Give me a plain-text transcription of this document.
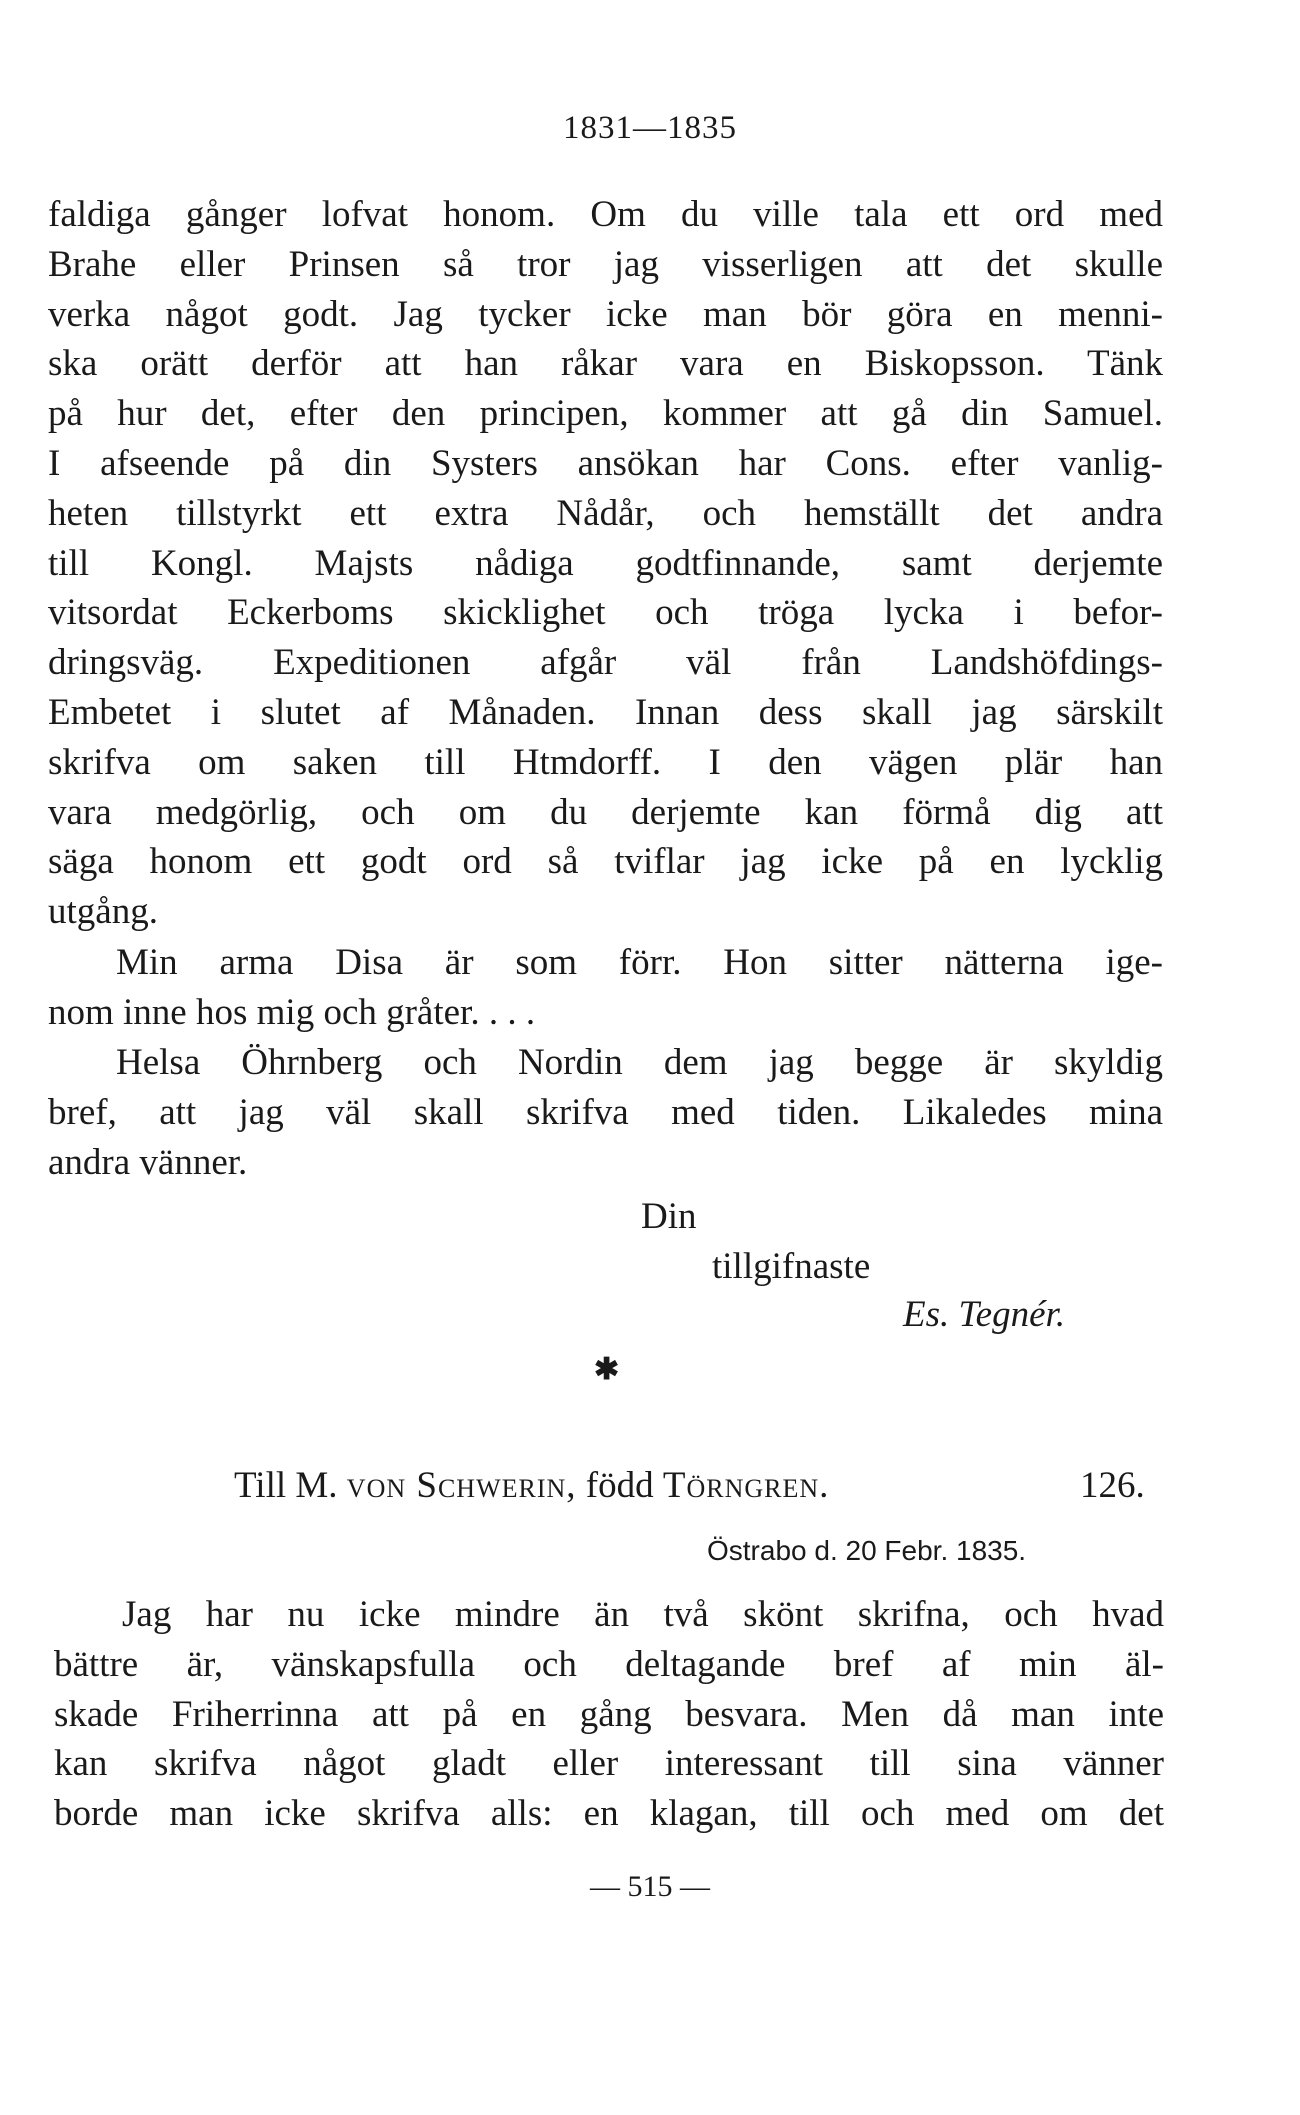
1831—1835
faldiga gånger lofvat honom. Om du ville tala ett ord med
Brahe eller Prinsen så tror jag visserligen att det skulle
verka något godt. Jag tycker icke man bör göra en menni-
ska orätt derför att han råkar vara en Biskopsson. Tänk
på hur det, efter den principen, kommer att gå din Samuel.
I afseende på din Systers ansökan har Cons. efter vanlig-
heten tillstyrkt ett extra Nådår, och hemställt det andra
till Kongl. Majsts nådiga godtfinnande, samt derjemte
vitsordat Eckerboms skicklighet och tröga lycka i befor-
dringsväg. Expeditionen afgår väl från Landshöfdings-
Embetet i slutet af Månaden. Innan dess skall jag särskilt
skrifva om saken till Htmdorff. I den vägen plär han
vara medgörlig, och om du derjemte kan förmå dig att
säga honom ett godt ord så tviflar jag icke på en lycklig
utgång.
Min arma Disa är som förr. Hon sitter nätterna ige-
nom inne hos mig och gråter. . . .
Helsa Öhrnberg och Nordin dem jag begge är skyldig
bref, att jag väl skall skrifva med tiden. Likaledes mina
andra vänner.
Din
tillgifnaste
Es. Tegnér.
✱
Till M. von Schwerin, född Törngren.	126.
Östrabo d. 20 Febr. 1835.
Jag har nu icke mindre än två skönt skrifna, och hvad
bättre är, vänskapsfulla och deltagande bref af min äl-
skade Friherrinna att på en gång besvara. Men då man inte
kan skrifva något gladt eller interessant till sina vänner
borde man icke skrifva alls: en klagan, till och med om det
— 515 —
